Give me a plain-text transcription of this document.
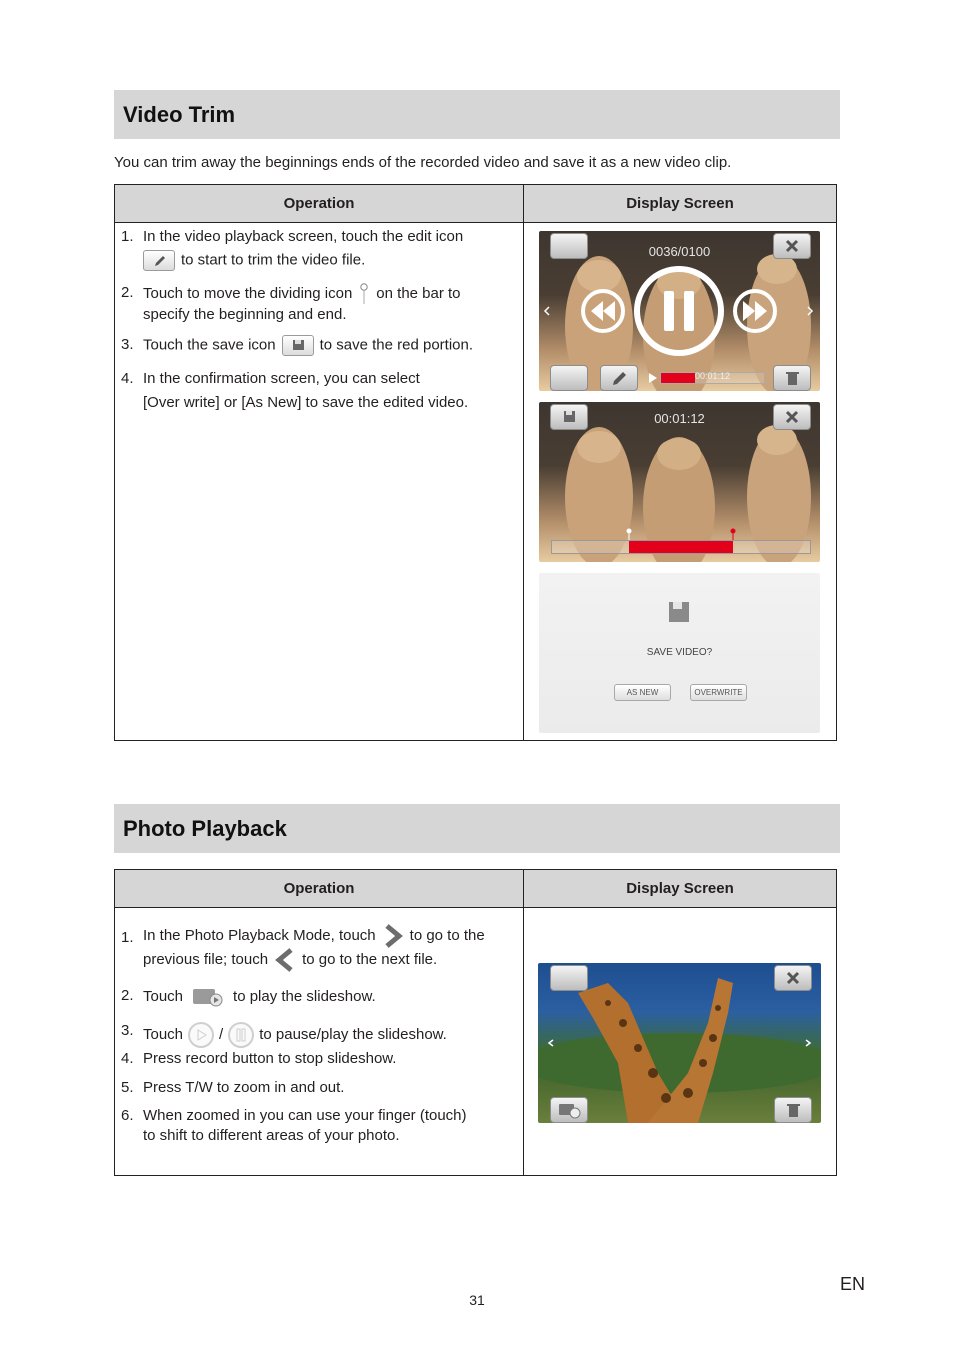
Video Trim

You can trim away the beginnings ends of the recorded video and save it as a new video clip.

Operation	Display Screen
1. In the video playback screen, touch the edit icon
to start to trim the video file.
2. Touch to move the dividing icon on the bar to
specify the beginning and end.
3. Touch the save icon	to save the red portion.
4. In the confirmation screen, you can select
[Over write] or [As New] to save the edited video.
0036/0100
00:01:12
00:01:12
SAVE VIDEO?
AS NEW	OVERWRITE
Photo Playback
Operation	Display Screen
1. In the Photo Playback Mode, touch to go to the
previous file; touch to go to the next file.
2. Touch	to play the slideshow.
3. Touch / to pause/play the slideshow.
4. Press record button to stop slideshow.
5. Press T/W to zoom in and out.
6. When zoomed in you can use your finger (touch)
to shift to different areas of your photo.
31
EN
